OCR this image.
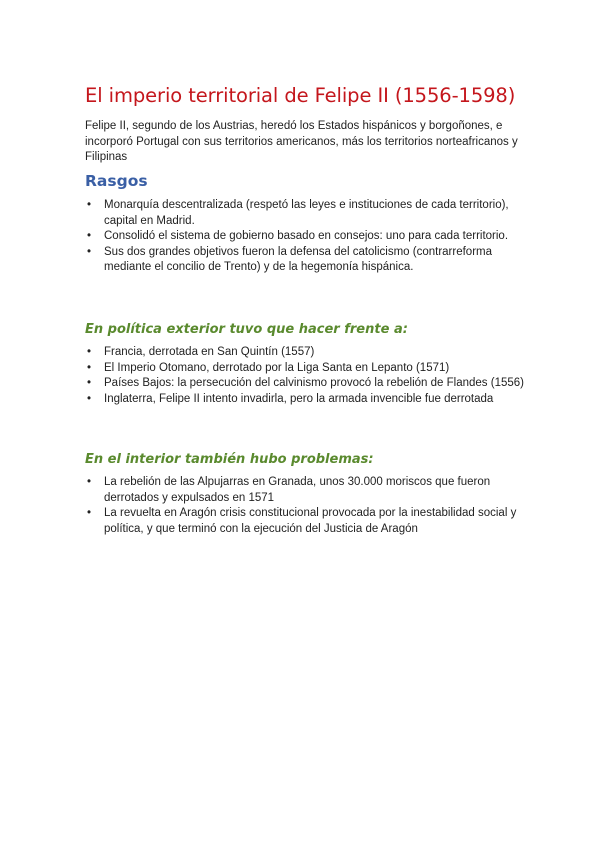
El imperio territorial de Felipe II (1556-1598)

Felipe II, segundo de los Austrias, heredó los Estados hispánicos y borgoñones, e incorporó Portugal con sus territorios americanos, más los territorios norteafricanos y Filipinas

Rasgos
• Monarquía descentralizada (respetó las leyes e instituciones de cada territorio), capital en Madrid.
• Consolidó el sistema de gobierno basado en consejos: uno para cada territorio.
• Sus dos grandes objetivos fueron la defensa del catolicismo (contrarreforma mediante el concilio de Trento) y de la hegemonía hispánica.
En política exterior tuvo que hacer frente a:
• Francia, derrotada en San Quintín (1557)
• El Imperio Otomano, derrotado por la Liga Santa en Lepanto (1571)
• Países Bajos: la persecución del calvinismo provocó la rebelión de Flandes (1556)
• Inglaterra, Felipe II intento invadirla, pero la armada invencible fue derrotada
En el interior también hubo problemas:
• La rebelión de las Alpujarras en Granada, unos 30.000 moriscos que fueron derrotados y expulsados en 1571
• La revuelta en Aragón crisis constitucional provocada por la inestabilidad social y política, y que terminó con la ejecución del Justicia de Aragón
